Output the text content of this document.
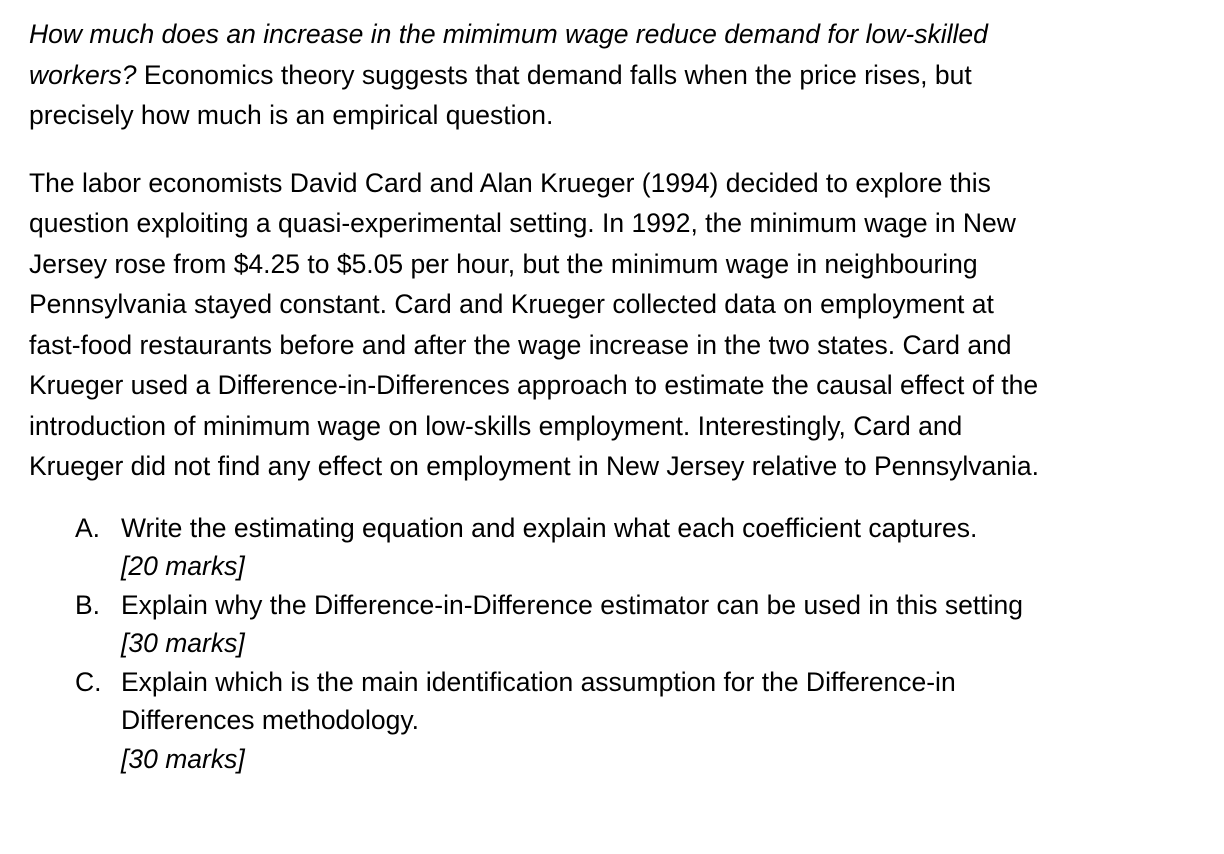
How much does an increase in the mimimum wage reduce demand for low-skilled
workers? Economics theory suggests that demand falls when the price rises, but
precisely how much is an empirical question.

The labor economists David Card and Alan Krueger (1994) decided to explore this
question exploiting a quasi-experimental setting. In 1992, the minimum wage in New
Jersey rose from $4.25 to $5.05 per hour, but the minimum wage in neighbouring
Pennsylvania stayed constant. Card and Krueger collected data on employment at
fast-food restaurants before and after the wage increase in the two states. Card and
Krueger used a Difference-in-Differences approach to estimate the causal effect of the
introduction of minimum wage on low-skills employment. Interestingly, Card and
Krueger did not find any effect on employment in New Jersey relative to Pennsylvania.

A. Write the estimating equation and explain what each coefficient captures.
[20 marks]
B. Explain why the Difference-in-Difference estimator can be used in this setting
[30 marks]
C. Explain which is the main identification assumption for the Difference-in
Differences methodology.
[30 marks]
